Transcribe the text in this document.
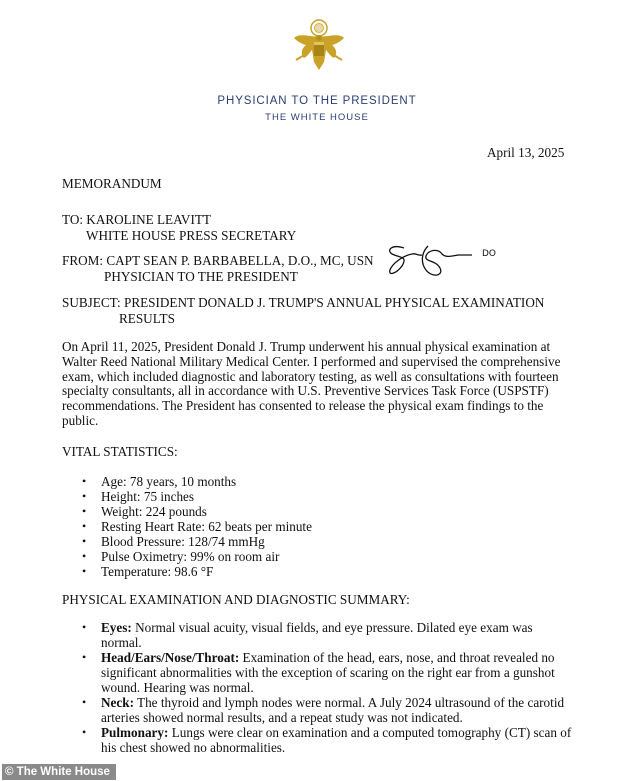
PHYSICIAN TO THE PRESIDENT
THE WHITE HOUSE
April 13, 2025
MEMORANDUM
TO: KAROLINE LEAVITT
WHITE HOUSE PRESS SECRETARY
FROM: CAPT SEAN P. BARBABELLA, D.O., MC, USN
PHYSICIAN TO THE PRESIDENT
DO
SUBJECT: PRESIDENT DONALD J. TRUMP'S ANNUAL PHYSICAL EXAMINATION
RESULTS
On April 11, 2025, President Donald J. Trump underwent his annual physical examination at
Walter Reed National Military Medical Center. I performed and supervised the comprehensive
exam, which included diagnostic and laboratory testing, as well as consultations with fourteen
specialty consultants, all in accordance with U.S. Preventive Services Task Force (USPSTF)
recommendations. The President has consented to release the physical exam findings to the
public.
VITAL STATISTICS:
• Age: 78 years, 10 months
• Height: 75 inches
• Weight: 224 pounds
• Resting Heart Rate: 62 beats per minute
• Blood Pressure: 128/74 mmHg
• Pulse Oximetry: 99% on room air
• Temperature: 98.6 °F
PHYSICAL EXAMINATION AND DIAGNOSTIC SUMMARY:
• Eyes: Normal visual acuity, visual fields, and eye pressure. Dilated eye exam was
normal.
• Head/Ears/Nose/Throat: Examination of the head, ears, nose, and throat revealed no
significant abnormalities with the exception of scaring on the right ear from a gunshot
wound. Hearing was normal.
• Neck: The thyroid and lymph nodes were normal. A July 2024 ultrasound of the carotid
arteries showed normal results, and a repeat study was not indicated.
• Pulmonary: Lungs were clear on examination and a computed tomography (CT) scan of
his chest showed no abnormalities.
© The White House
